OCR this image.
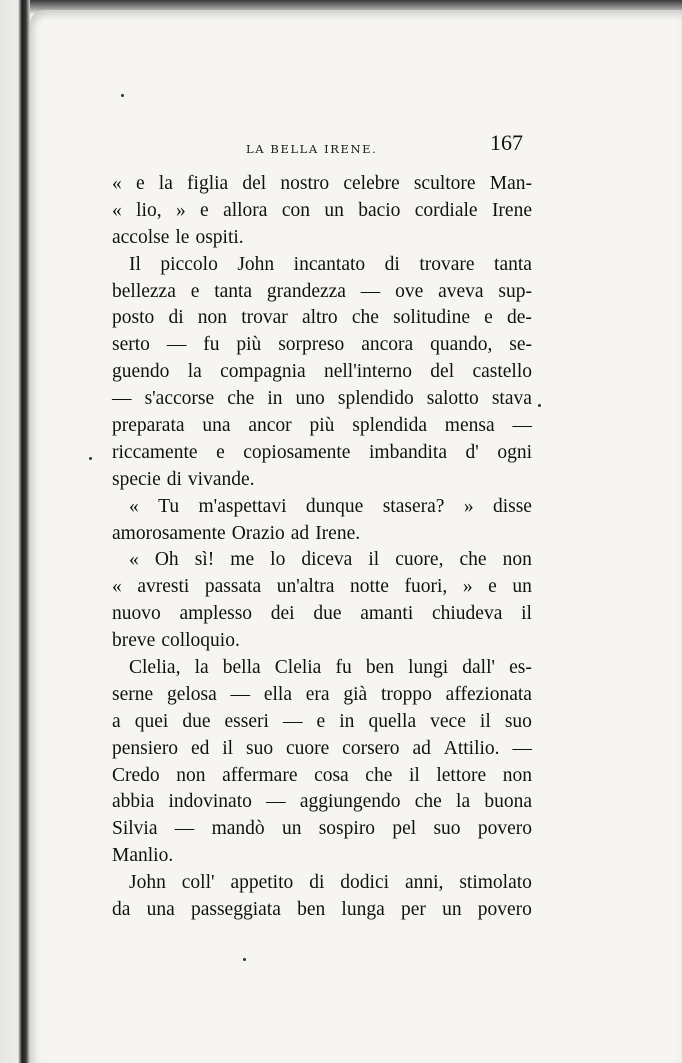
LA BELLA IRENE.	167
« e la figlia del nostro celebre scultore Man-
« lio, » e allora con un bacio cordiale Irene
accolse le ospiti.
Il piccolo John incantato di trovare tanta
bellezza e tanta grandezza — ove aveva sup-
posto di non trovar altro che solitudine e de-
serto — fu più sorpreso ancora quando, se-
guendo la compagnia nell'interno del castello
— s'accorse che in uno splendido salotto stava
preparata una ancor più splendida mensa —
riccamente e copiosamente imbandita d' ogni
specie di vivande.
« Tu m'aspettavi dunque stasera? » disse
amorosamente Orazio ad Irene.
« Oh sì! me lo diceva il cuore, che non
« avresti passata un'altra notte fuori, » e un
nuovo amplesso dei due amanti chiudeva il
breve colloquio.
Clelia, la bella Clelia fu ben lungi dall' es-
serne gelosa — ella era già troppo affezionata
a quei due esseri — e in quella vece il suo
pensiero ed il suo cuore corsero ad Attilio. —
Credo non affermare cosa che il lettore non
abbia indovinato — aggiungendo che la buona
Silvia — mandò un sospiro pel suo povero
Manlio.
John coll' appetito di dodici anni, stimolato
da una passeggiata ben lunga per un povero
